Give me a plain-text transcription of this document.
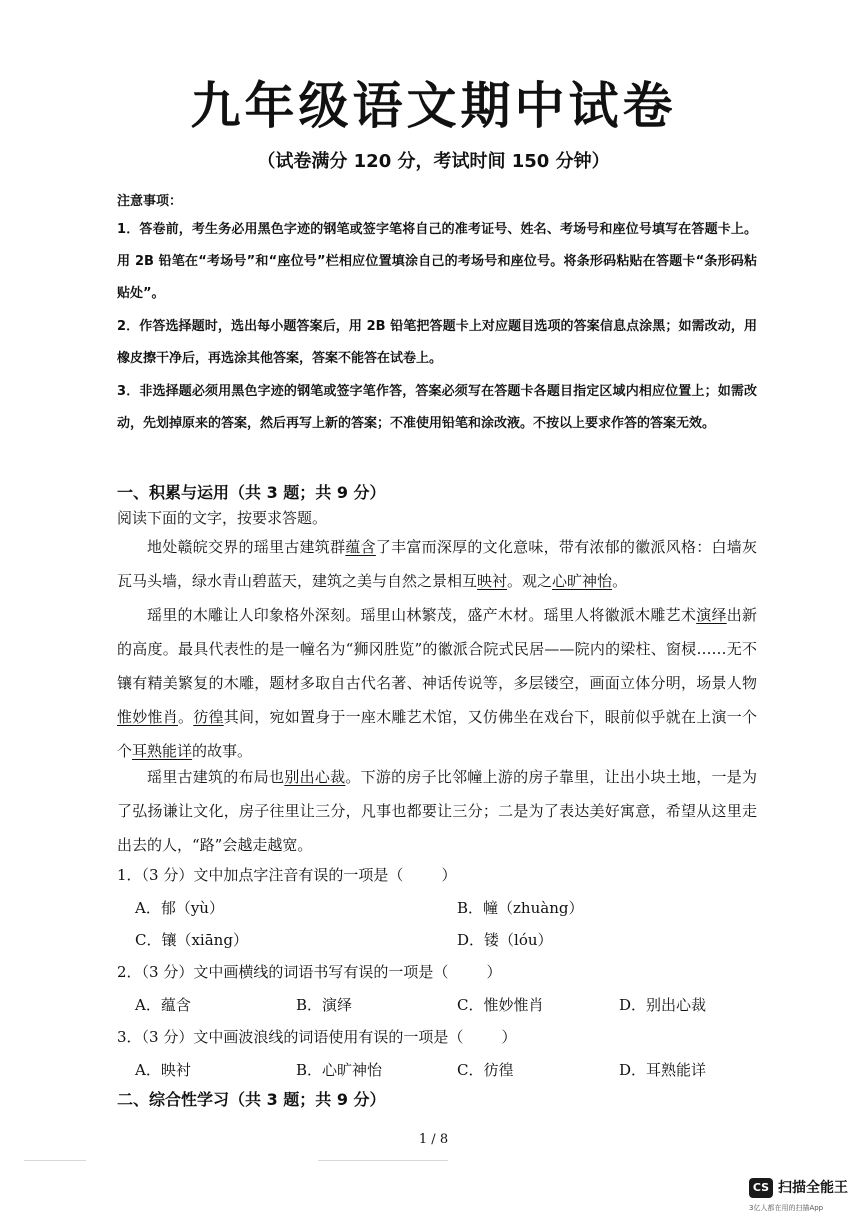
九年级语文期中试卷
（试卷满分 120 分，考试时间 150 分钟）
注意事项：
1．答卷前，考生务必用黑色字迹的钢笔或签字笔将自己的准考证号、姓名、考场号和座位号填写在答题卡上。用 2B 铅笔在“考场号”和“座位号”栏相应位置填涂自己的考场号和座位号。将条形码粘贴在答题卡“条形码粘贴处”。
2．作答选择题时，选出每小题答案后，用 2B 铅笔把答题卡上对应题目选项的答案信息点涂黑；如需改动，用橡皮擦干净后，再选涂其他答案，答案不能答在试卷上。
3．非选择题必须用黑色字迹的钢笔或签字笔作答，答案必须写在答题卡各题目指定区域内相应位置上；如需改动，先划掉原来的答案，然后再写上新的答案；不准使用铅笔和涂改液。不按以上要求作答的答案无效。
一、积累与运用（共 3 题；共 9 分）
阅读下面的文字，按要求答题。
地处赣皖交界的瑶里古建筑群蕴含了丰富而深厚的文化意味，带有浓郁的徽派风格：白墙灰瓦马头墙，绿水青山碧蓝天，建筑之美与自然之景相互映衬。观之心旷神怡。
瑶里的木雕让人印象格外深刻。瑶里山林繁茂，盛产木材。瑶里人将徽派木雕艺术演绎出新的高度。最具代表性的是一幢名为“狮冈胜览”的徽派合院式民居——院内的梁柱、窗棂……无不镶有精美繁复的木雕，题材多取自古代名著、神话传说等，多层镂空，画面立体分明，场景人物惟妙惟肖。彷徨其间，宛如置身于一座木雕艺术馆，又仿佛坐在戏台下，眼前似乎就在上演一个个耳熟能详的故事。
瑶里古建筑的布局也别出心裁。下游的房子比邻幢上游的房子靠里，让出小块土地，一是为了弘扬谦让文化，房子往里让三分，凡事也都要让三分；二是为了表达美好寓意，希望从这里走出去的人，“路”会越走越宽。
1．（3 分）文中加点字注音有误的一项是（        ）
A．郁（yù）	B．幢（zhuàng）
C．镶（xiāng）	D．镂（lóu）
2．（3 分）文中画横线的词语书写有误的一项是（        ）
A．蕴含	B．演绎	C．惟妙惟肖	D．别出心裁
3．（3 分）文中画波浪线的词语使用有误的一项是（        ）
A．映衬	B．心旷神怡	C．彷徨	D．耳熟能详
二、综合性学习（共 3 题；共 9 分）
1 / 8
CS 扫描全能王
3亿人都在用的扫描App
